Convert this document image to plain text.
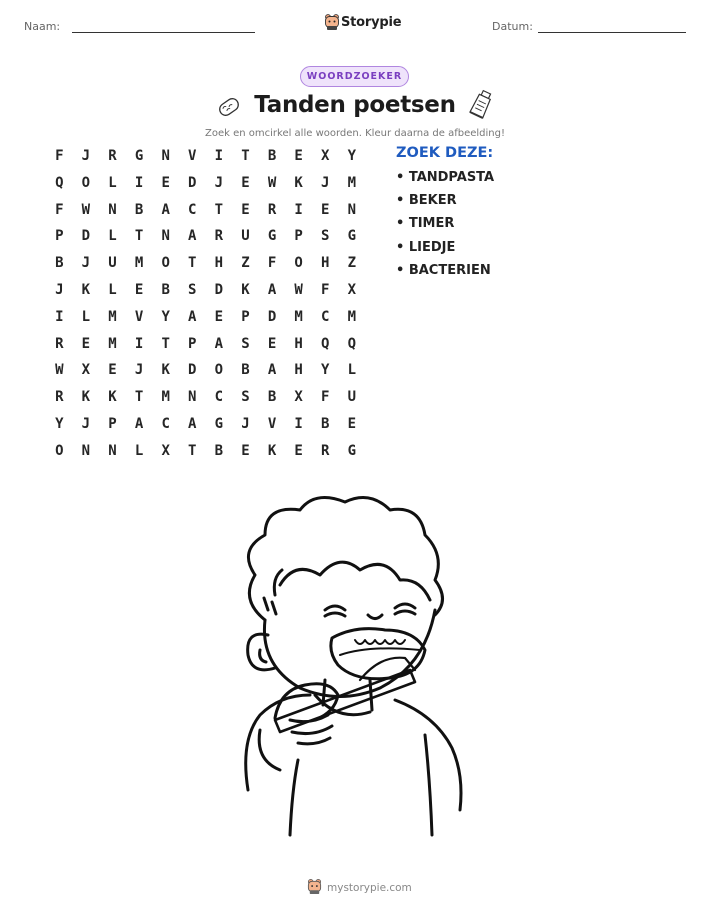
Naam:	Storypie	Datum:
WOORDZOEKER
Tanden poetsen
Zoek en omcirkel alle woorden. Kleur daarna de afbeelding!
F	J	R	G	N	V	I	T	B	E	X	Y
Q	O	L	I	E	D	J	E	W	K	J	M
F	W	N	B	A	C	T	E	R	I	E	N
P	D	L	T	N	A	R	U	G	P	S	G
B	J	U	M	O	T	H	Z	F	O	H	Z
J	K	L	E	B	S	D	K	A	W	F	X
I	L	M	V	Y	A	E	P	D	M	C	M
R	E	M	I	T	P	A	S	E	H	Q	Q
W	X	E	J	K	D	O	B	A	H	Y	L
R	K	K	T	M	N	C	S	B	X	F	U
Y	J	P	A	C	A	G	J	V	I	B	E
O	N	N	L	X	T	B	E	K	E	R	G
ZOEK DEZE:
• TANDPASTA
• BEKER
• TIMER
• LIEDJE
• BACTERIEN
mystorypie.com
